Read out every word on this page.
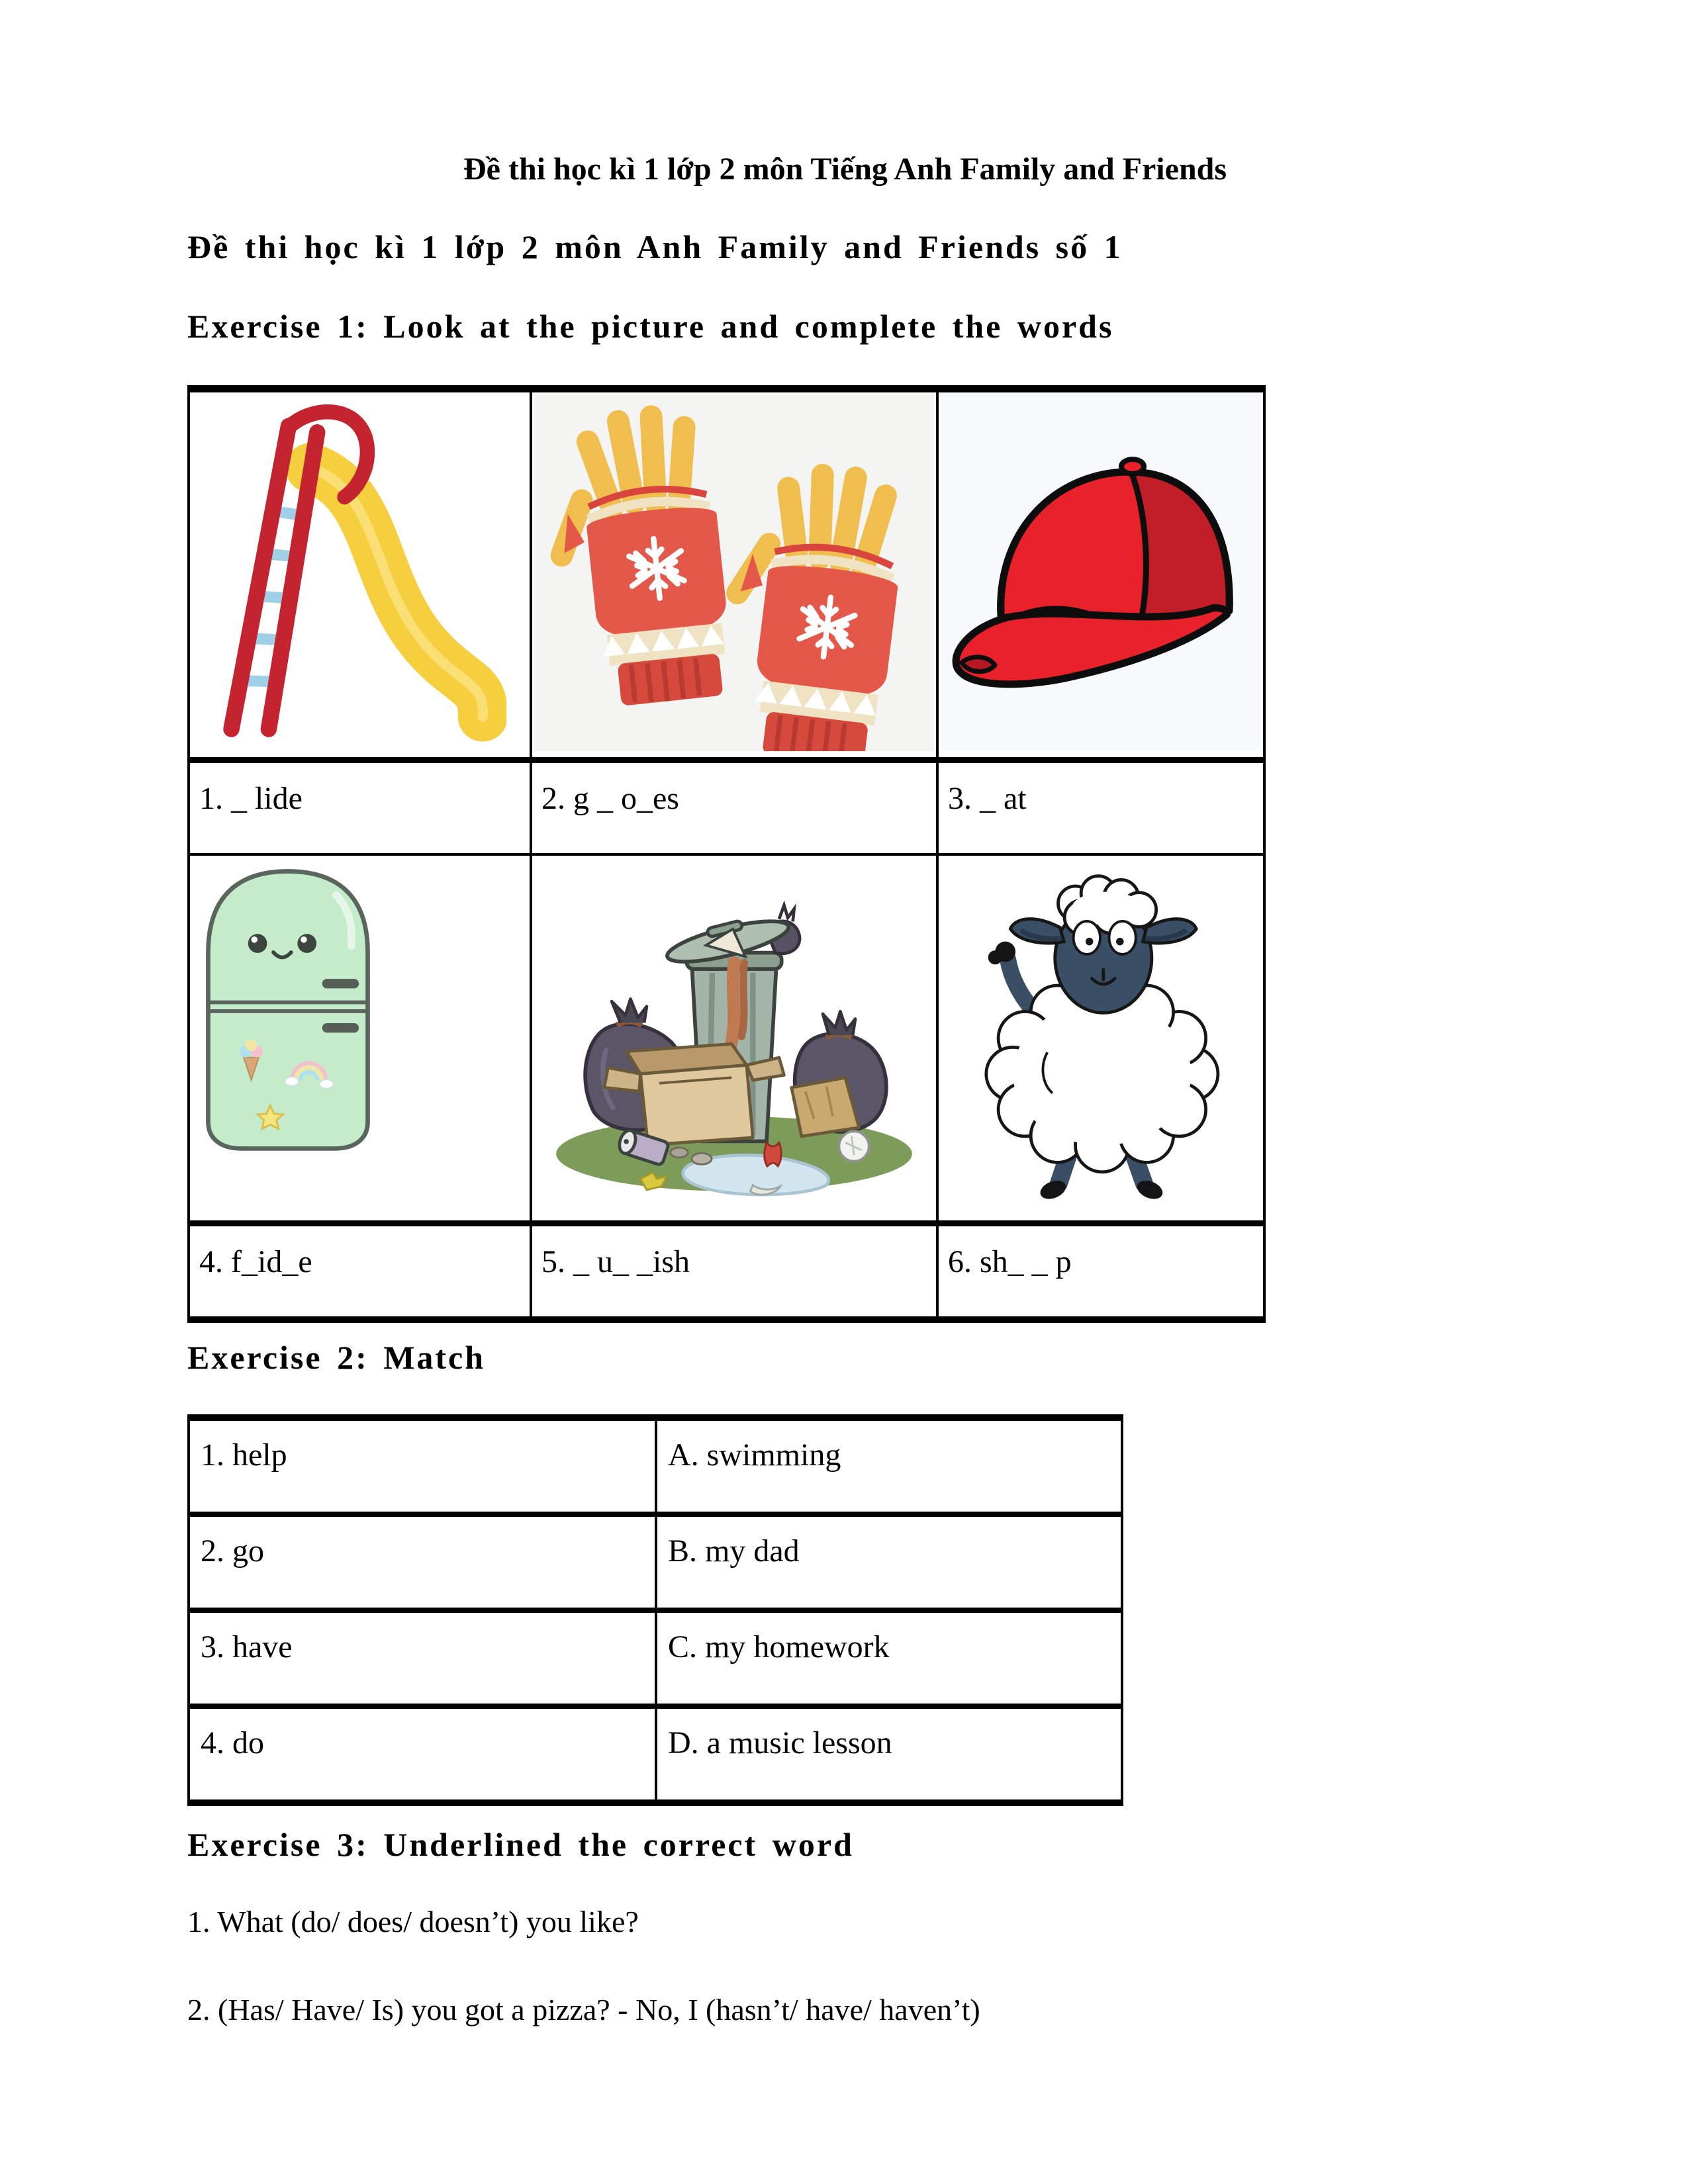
Đề thi học kì 1 lớp 2 môn Tiếng Anh Family and Friends
Đề thi học kì 1 lớp 2 môn Anh Family and Friends số 1
Exercise 1: Look at the picture and complete the words

1. _ lide	2. g _ o_es	3. _ at

4. f_id_e	5. _ u_ _ish	6. sh_ _ p
Exercise 2: Match
1. help	A. swimming
2. go	B. my dad
3. have	C. my homework
4. do	D. a music lesson
Exercise 3: Underlined the correct word
1. What (do/ does/ doesn’t) you like?
2. (Has/ Have/ Is) you got a pizza? - No, I (hasn’t/ have/ haven’t)
